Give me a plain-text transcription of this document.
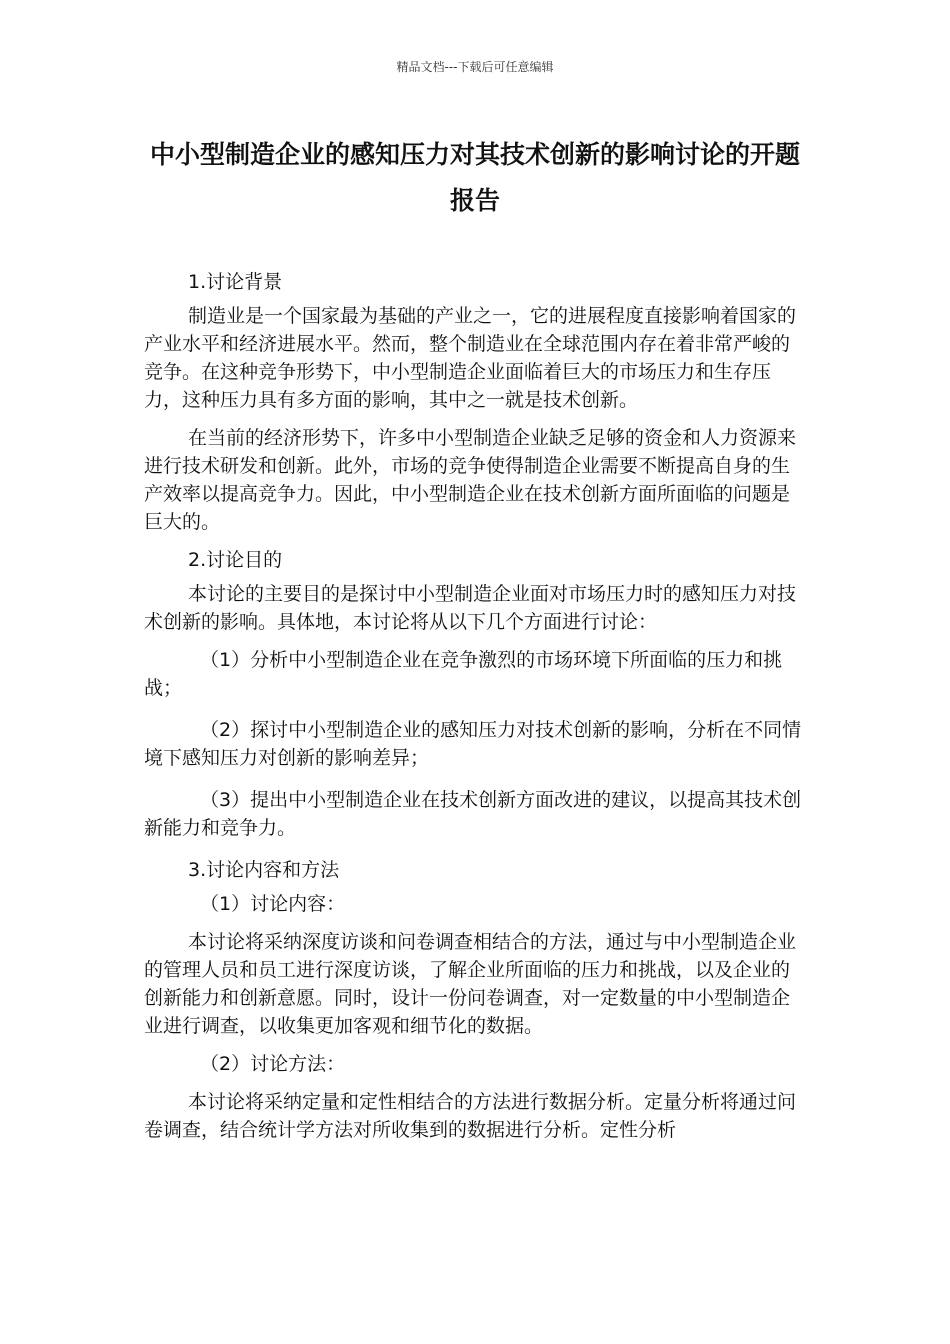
精品文档---下载后可任意编辑
中小型制造企业的感知压力对其技术创新的影响讨论的开题报告

1.讨论背景

制造业是一个国家最为基础的产业之一，它的进展程度直接影响着国家的产业水平和经济进展水平。然而，整个制造业在全球范围内存在着非常严峻的竞争。在这种竞争形势下，中小型制造企业面临着巨大的市场压力和生存压力，这种压力具有多方面的影响，其中之一就是技术创新。

在当前的经济形势下，许多中小型制造企业缺乏足够的资金和人力资源来进行技术研发和创新。此外，市场的竞争使得制造企业需要不断提高自身的生产效率以提高竞争力。因此，中小型制造企业在技术创新方面所面临的问题是巨大的。

2.讨论目的

本讨论的主要目的是探讨中小型制造企业面对市场压力时的感知压力对技术创新的影响。具体地，本讨论将从以下几个方面进行讨论：

（1）分析中小型制造企业在竞争激烈的市场环境下所面临的压力和挑战；

（2）探讨中小型制造企业的感知压力对技术创新的影响，分析在不同情境下感知压力对创新的影响差异；

（3）提出中小型制造企业在技术创新方面改进的建议，以提高其技术创新能力和竞争力。

3.讨论内容和方法

（1）讨论内容：

本讨论将采纳深度访谈和问卷调查相结合的方法，通过与中小型制造企业的管理人员和员工进行深度访谈，了解企业所面临的压力和挑战，以及企业的创新能力和创新意愿。同时，设计一份问卷调查，对一定数量的中小型制造企业进行调查，以收集更加客观和细节化的数据。

（2）讨论方法：

本讨论将采纳定量和定性相结合的方法进行数据分析。定量分析将通过问卷调查，结合统计学方法对所收集到的数据进行分析。定性分析
